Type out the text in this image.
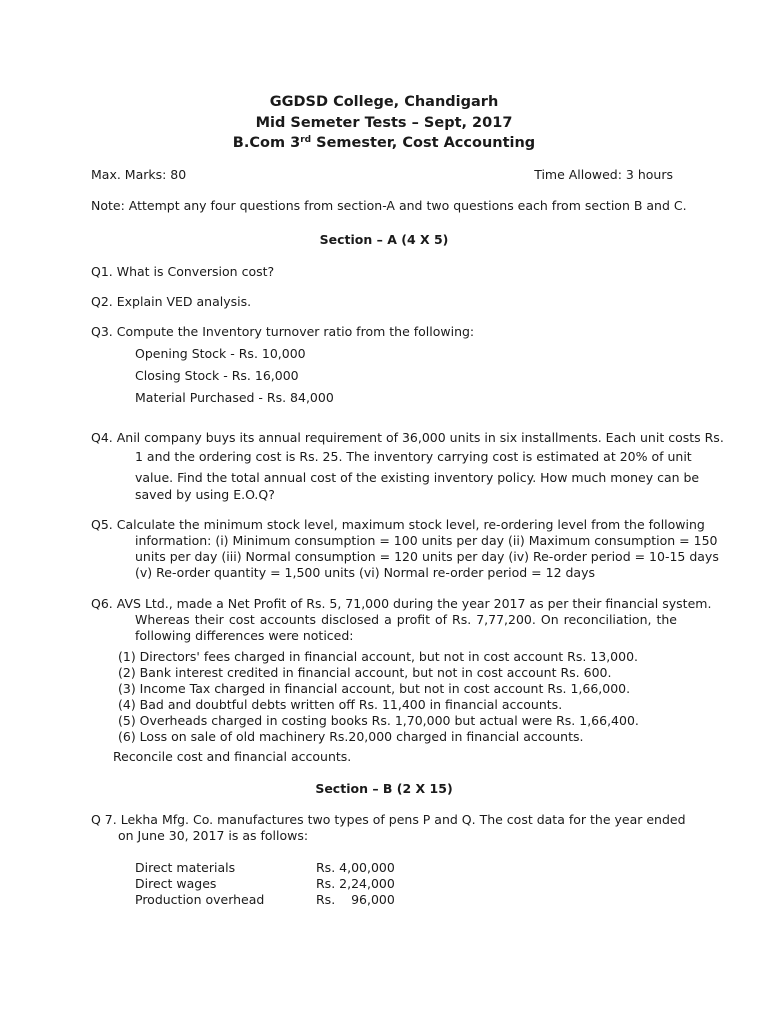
GGDSD College, Chandigarh
Mid Semeter Tests – Sept, 2017
B.Com 3rd Semester, Cost Accounting
Max. Marks: 80	Time Allowed: 3 hours
Note: Attempt any four questions from section-A and two questions each from section B and C.
Section – A (4 X 5)
Q1. What is Conversion cost?
Q2. Explain VED analysis.
Q3. Compute the Inventory turnover ratio from the following:
Opening Stock - Rs. 10,000
Closing Stock - Rs. 16,000
Material Purchased - Rs. 84,000
Q4. Anil company buys its annual requirement of 36,000 units in six installments. Each unit costs Rs.
1 and the ordering cost is Rs. 25. The inventory carrying cost is estimated at 20% of unit
value. Find the total annual cost of the existing inventory policy. How much money can be
saved by using E.O.Q?
Q5. Calculate the minimum stock level, maximum stock level, re-ordering level from the following
information: (i) Minimum consumption = 100 units per day (ii) Maximum consumption = 150
units per day (iii) Normal consumption = 120 units per day (iv) Re-order period = 10-15 days
(v) Re-order quantity = 1,500 units (vi) Normal re-order period = 12 days
Q6. AVS Ltd., made a Net Profit of Rs. 5, 71,000 during the year 2017 as per their financial system.
Whereas their cost accounts disclosed a profit of Rs. 7,77,200. On reconciliation, the
following differences were noticed:
(1) Directors' fees charged in financial account, but not in cost account Rs. 13,000.
(2) Bank interest credited in financial account, but not in cost account Rs. 600.
(3) Income Tax charged in financial account, but not in cost account Rs. 1,66,000.
(4) Bad and doubtful debts written off Rs. 11,400 in financial accounts.
(5) Overheads charged in costing books Rs. 1,70,000 but actual were Rs. 1,66,400.
(6) Loss on sale of old machinery Rs.20,000 charged in financial accounts.
Reconcile cost and financial accounts.
Section – B (2 X 15)
Q 7. Lekha Mfg. Co. manufactures two types of pens P and Q. The cost data for the year ended
on June 30, 2017 is as follows:
Direct materials	Rs. 4,00,000
Direct wages	Rs. 2,24,000
Production overhead	Rs.    96,000
